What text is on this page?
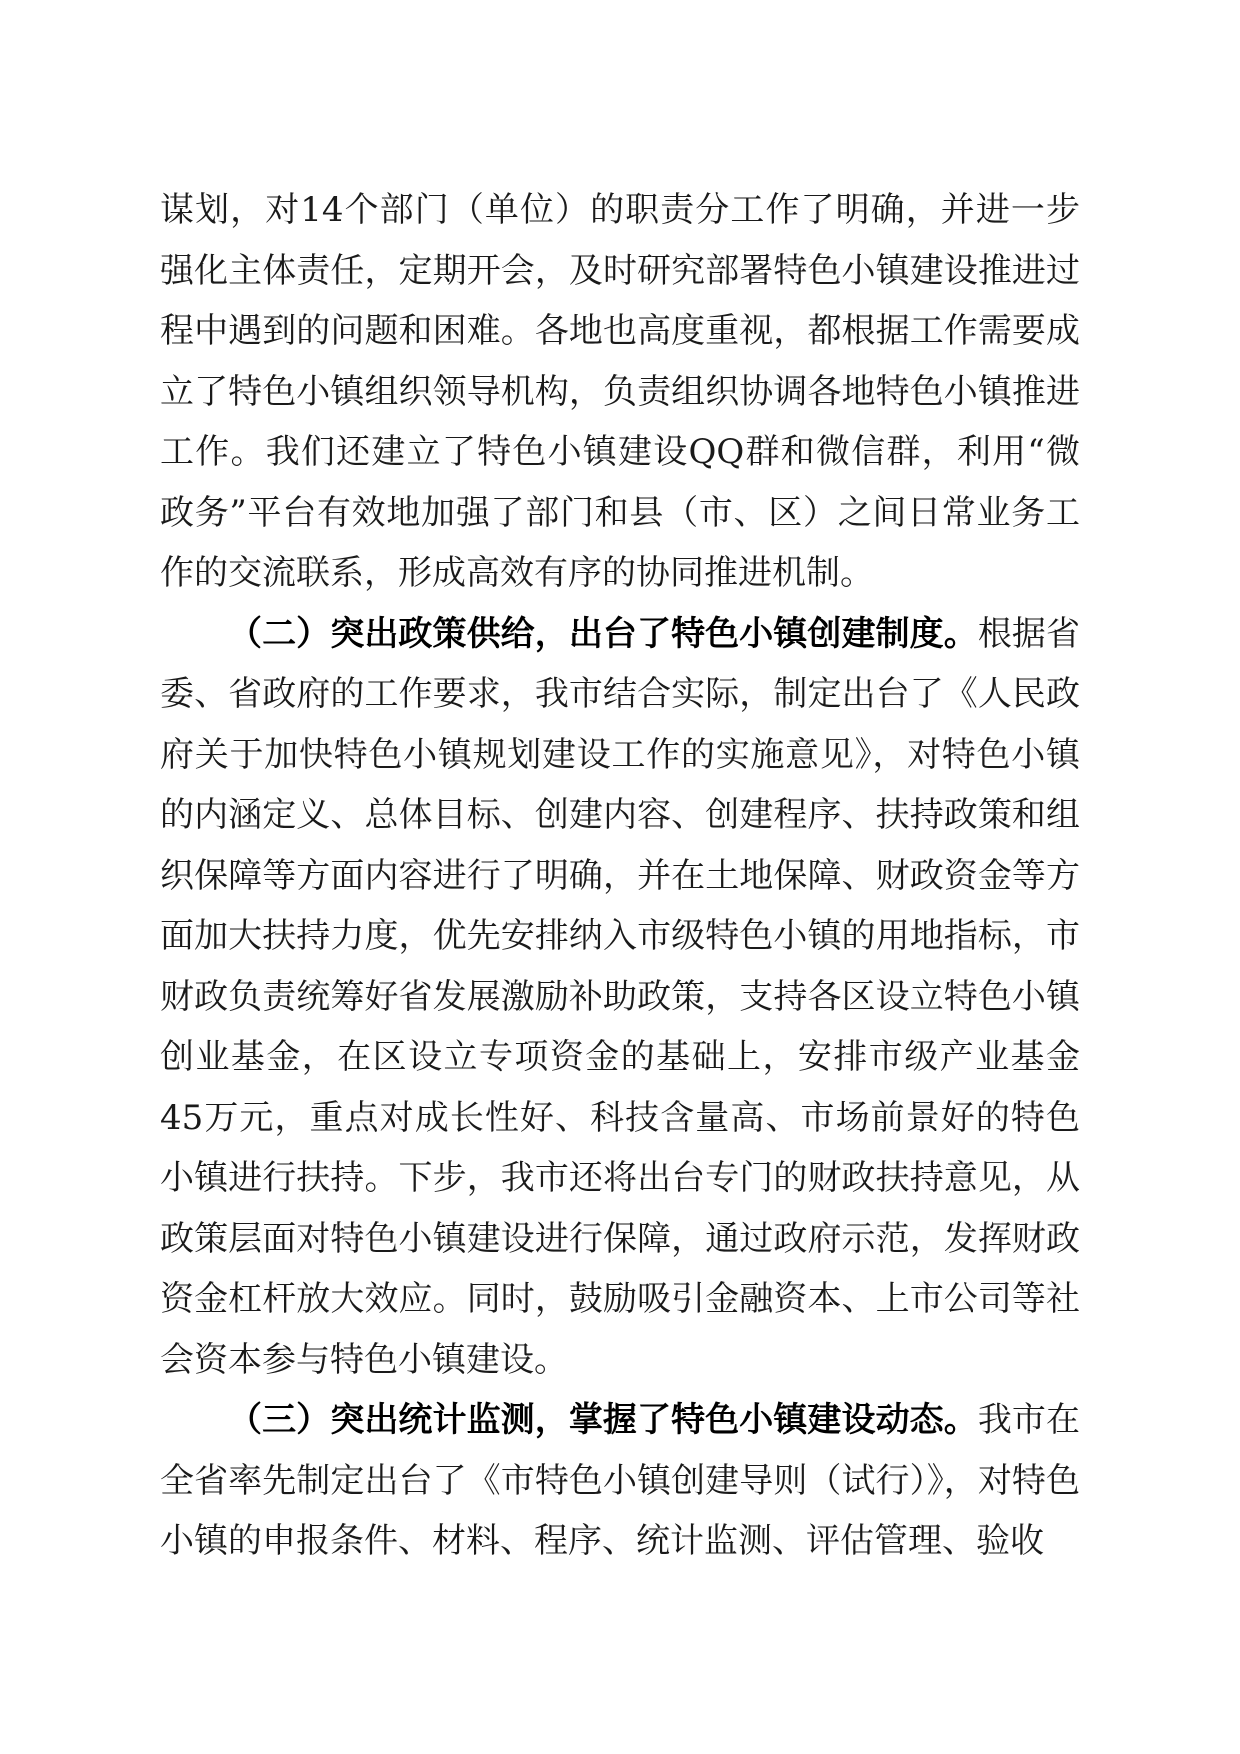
谋划，对14个部门（单位）的职责分工作了明确，并进一步强化主体责任，定期开会，及时研究部署特色小镇建设推进过程中遇到的问题和困难。各地也高度重视，都根据工作需要成立了特色小镇组织领导机构，负责组织协调各地特色小镇推进工作。我们还建立了特色小镇建设QQ群和微信群，利用“微政务”平台有效地加强了部门和县（市、区）之间日常业务工作的交流联系，形成高效有序的协同推进机制。

（二）突出政策供给，出台了特色小镇创建制度。根据省委、省政府的工作要求，我市结合实际，制定出台了《人民政府关于加快特色小镇规划建设工作的实施意见》，对特色小镇的内涵定义、总体目标、创建内容、创建程序、扶持政策和组织保障等方面内容进行了明确，并在土地保障、财政资金等方面加大扶持力度，优先安排纳入市级特色小镇的用地指标，市财政负责统筹好省发展激励补助政策，支持各区设立特色小镇创业基金，在区设立专项资金的基础上，安排市级产业基金45万元，重点对成长性好、科技含量高、市场前景好的特色小镇进行扶持。下步，我市还将出台专门的财政扶持意见，从政策层面对特色小镇建设进行保障，通过政府示范，发挥财政资金杠杆放大效应。同时，鼓励吸引金融资本、上市公司等社会资本参与特色小镇建设。

（三）突出统计监测，掌握了特色小镇建设动态。我市在全省率先制定出台了《市特色小镇创建导则（试行）》，对特色小镇的申报条件、材料、程序、统计监测、评估管理、验收
